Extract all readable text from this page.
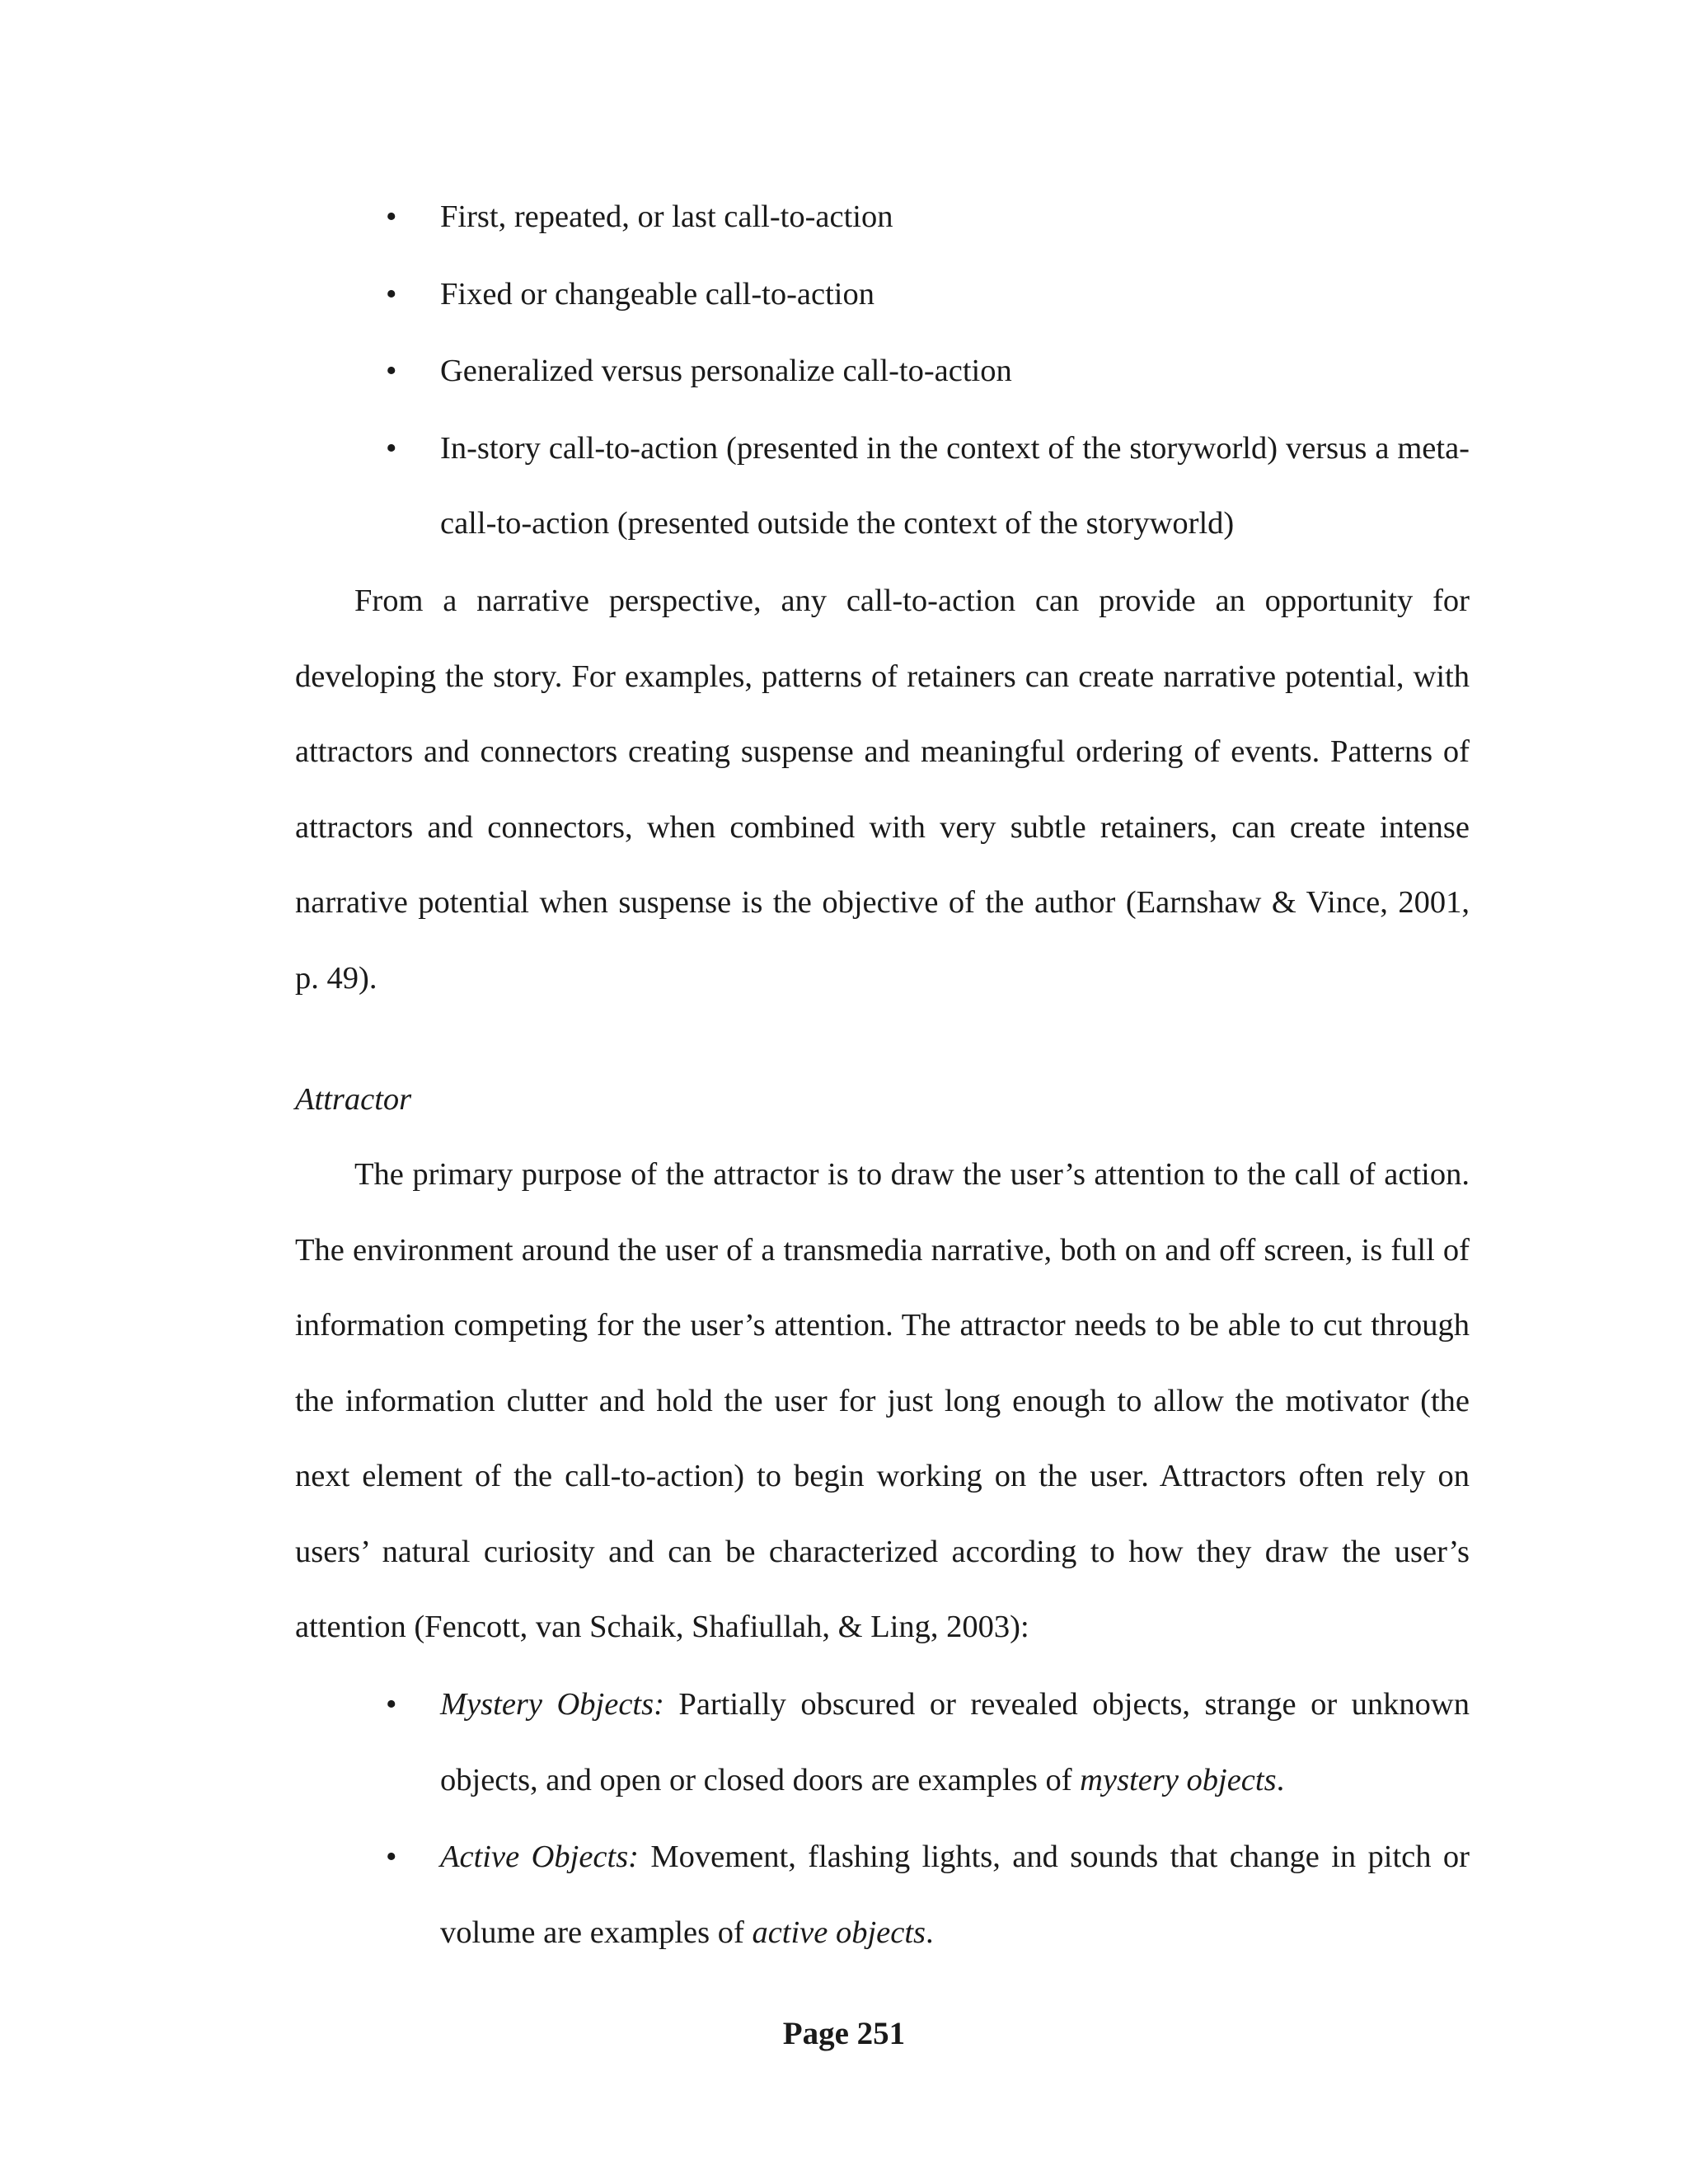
• First, repeated, or last call-to-action
• Fixed or changeable call-to-action
• Generalized versus personalize call-to-action
• In-story call-to-action (presented in the context of the storyworld) versus a meta-call-to-action (presented outside the context of the storyworld)

From a narrative perspective, any call-to-action can provide an opportunity for developing the story. For examples, patterns of retainers can create narrative potential, with attractors and connectors creating suspense and meaningful ordering of events. Patterns of attractors and connectors, when combined with very subtle retainers, can create intense narrative potential when suspense is the objective of the author (Earnshaw & Vince, 2001, p. 49).

Attractor

The primary purpose of the attractor is to draw the user’s attention to the call of action. The environment around the user of a transmedia narrative, both on and off screen, is full of information competing for the user’s attention. The attractor needs to be able to cut through the information clutter and hold the user for just long enough to allow the motivator (the next element of the call-to-action) to begin working on the user. Attractors often rely on users’ natural curiosity and can be characterized according to how they draw the user’s attention (Fencott, van Schaik, Shafiullah, & Ling, 2003):

• Mystery Objects: Partially obscured or revealed objects, strange or unknown objects, and open or closed doors are examples of mystery objects.
• Active Objects: Movement, flashing lights, and sounds that change in pitch or volume are examples of active objects.
Page 251
